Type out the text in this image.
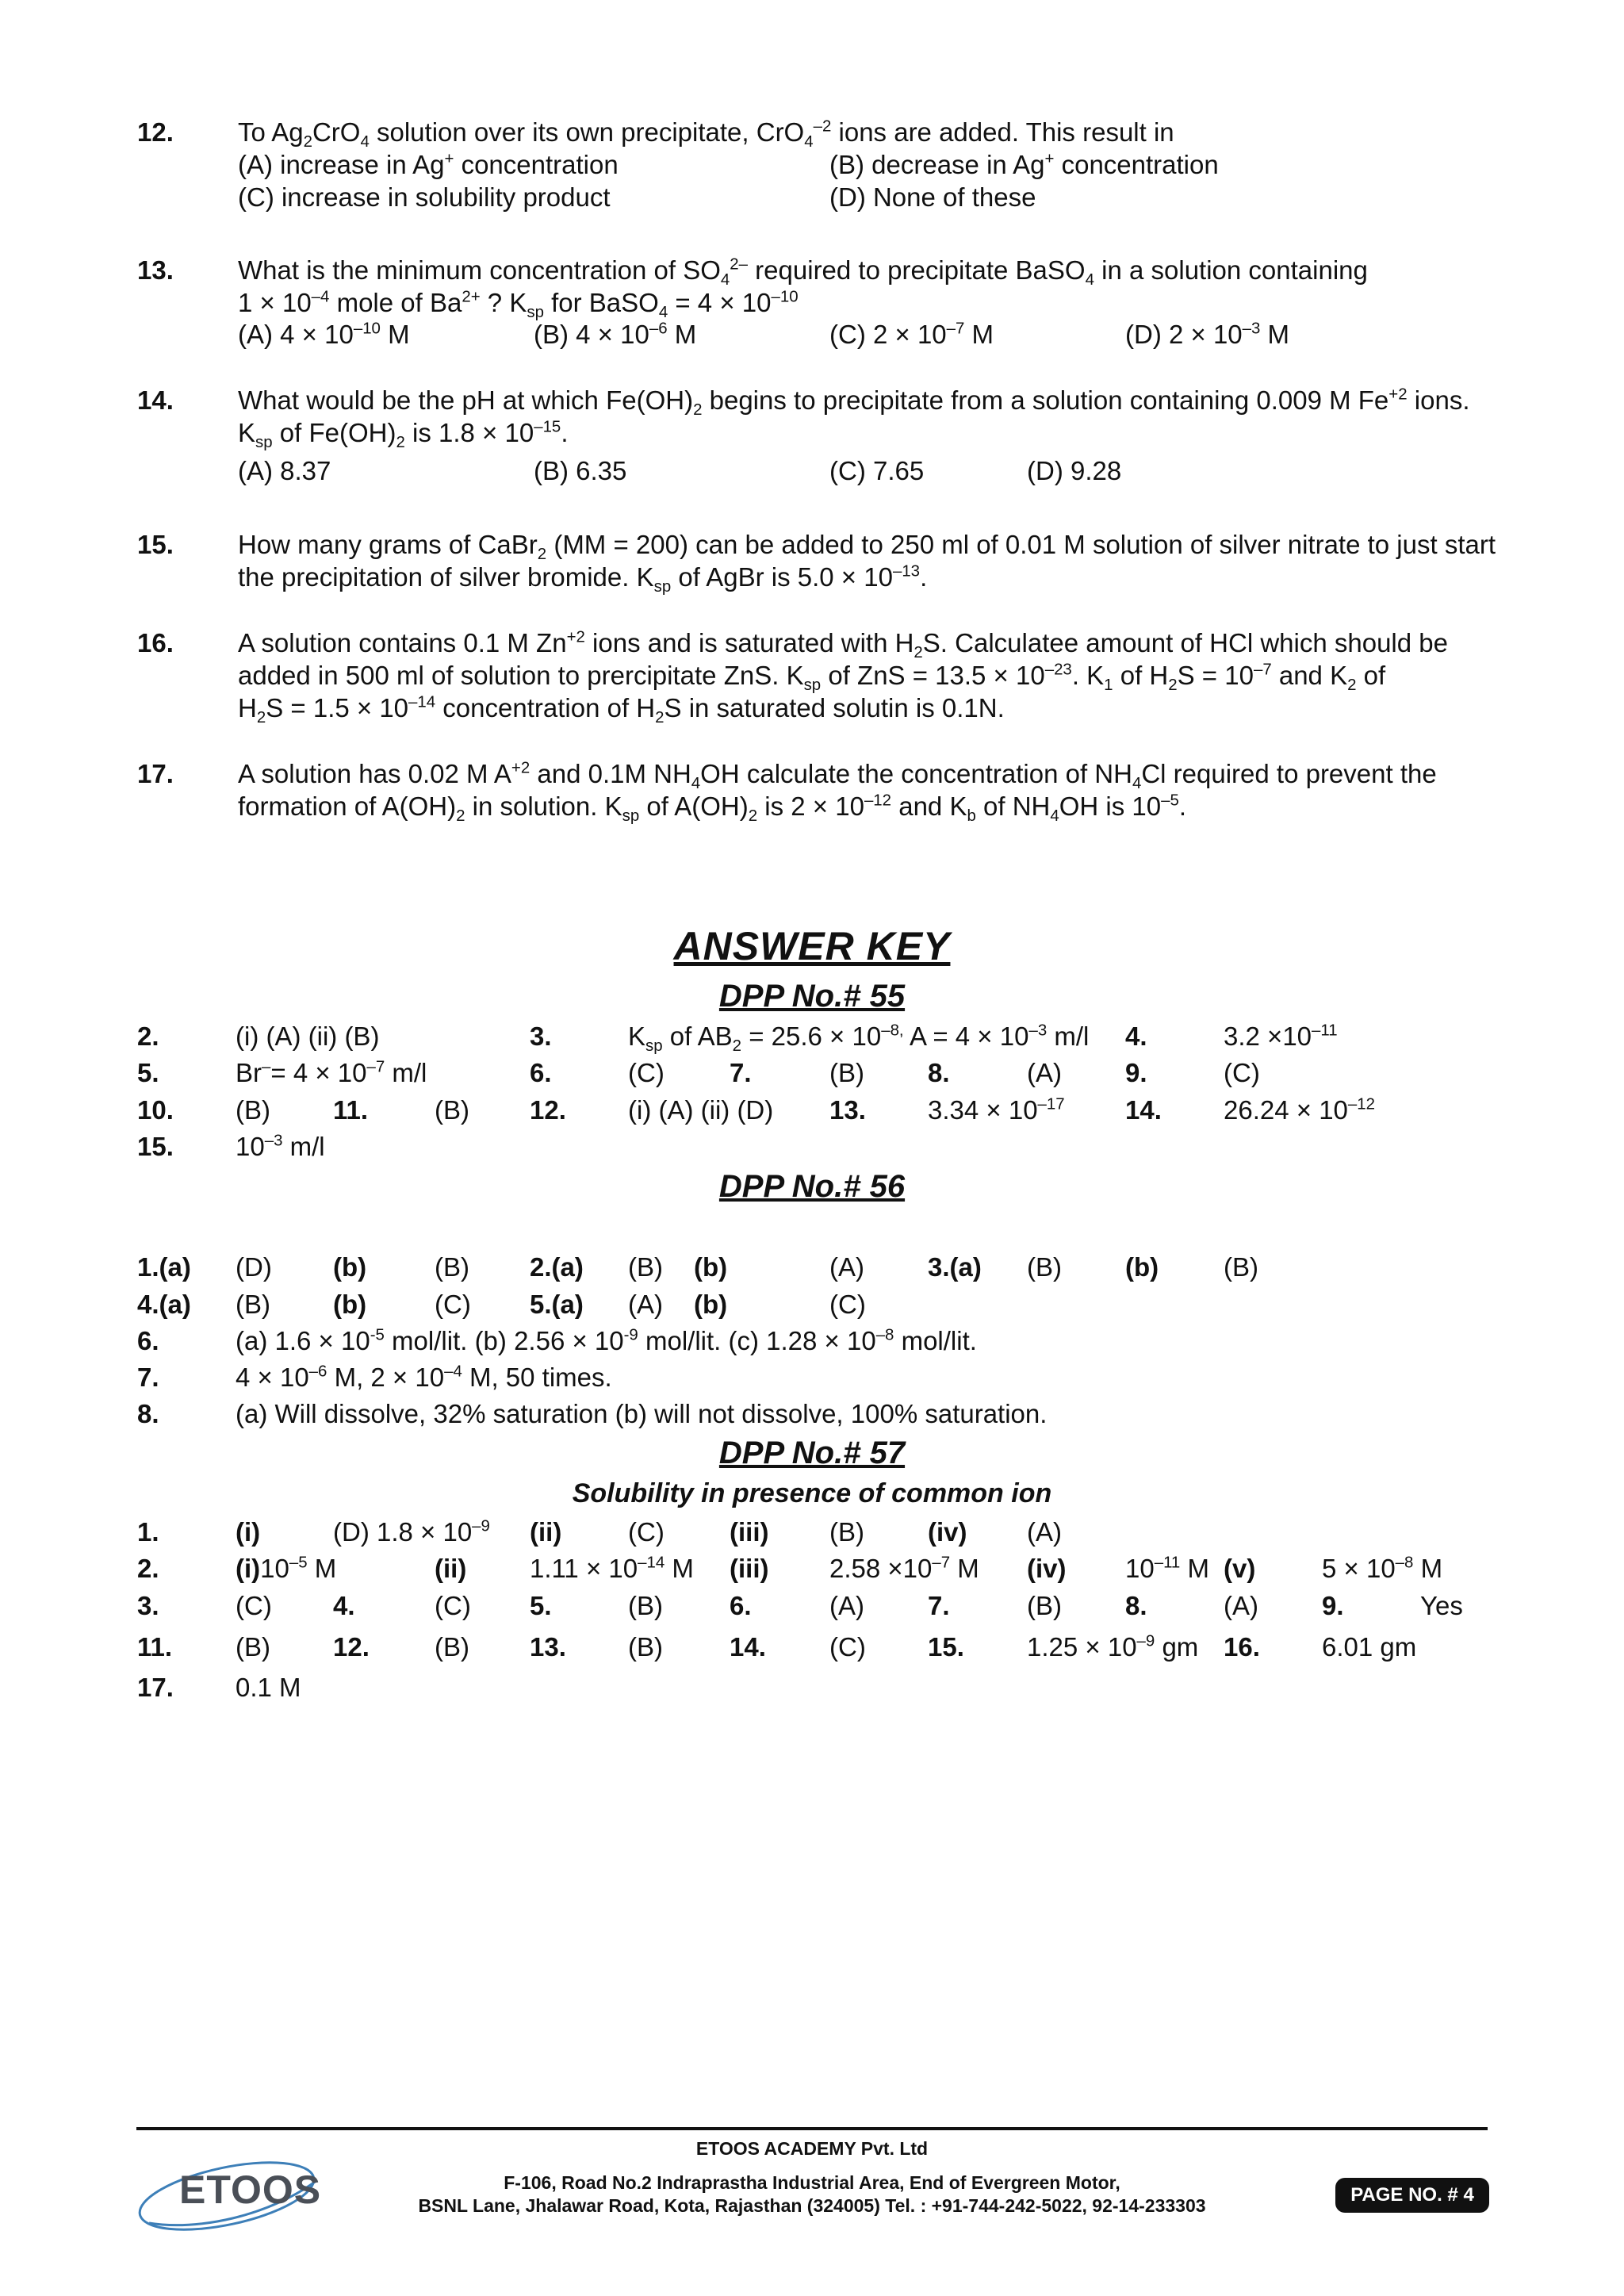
12. To $Ag_2CrO_4$ solution over its own precipitate, CrO$_4^{-2}$ ions are added. This result in
(A) increase in Ag+ concentration	(B) decrease in Ag+ concentration
(C) increase in solubility product	(D) None of these
13. What is the minimum concentration of $SO_4^{2-}$ required to precipitate BaSO$_4$ in a solution containing
$1 \times 10^{-4}$ mole of $Ba^{2+}$ ? $K_{sp}$ for BaSO$_4$ = $4 \times 10^{-10}$
(A) $4 \times 10^{-10}$ M	(B) $4 \times 10^{-6}$ M	(C) $2 \times 10^{-7}$ M	(D) $2 \times 10^{-3}$ M
14. What would be the pH at which $Fe(OH)_2$ begins to precipitate from a solution containing 0.009 M $Fe^{+2}$ ions.
$K_{sp}$ of $Fe(OH)_2$ is $1.8 \times 10^{-15}$.
(A) 8.37	(B) 6.35	(C) 7.65	(D) 9.28
15. How many grams of CaBr$_2$ (MM = 200) can be added to 250 ml of 0.01 M solution of silver nitrate to just start
the precipitation of silver bromide. $K_{sp}$ of AgBr is $5.0 \times 10^{-13}$.
16. A solution contains 0.1 M $Zn^{+2}$ ions and is saturated with $H_2S$. Calculatee amount of HCl which should be
added in 500 ml of solution to prercipitate ZnS. $K_{sp}$ of ZnS = $13.5 \times 10^{-23}$. $K_1$ of $H_2S = 10^{-7}$ and $K_2$ of
$H_2S = 1.5 \times 10^{-14}$ concentration of $H_2S$ in saturated solutin is 0.1N.
17. A solution has 0.02 M $A^{+2}$ and 0.1M $NH_4OH$ calculate the concentration of $NH_4Cl$ required to prevent the
formation of $A(OH)_2$ in solution. $K_{sp}$ of $A(OH)_2$ is $2 \times 10^{-12}$ and $K_b$ of $NH_4OH$ is $10^{-5}$.
ANSWER KEY
DPP No.# 55
2.	(i) (A) (ii) (B)	3.	$K_{sp}$ of $AB_2 = 25.6 \times 10^{-8,}$ $A = 4 \times 10^{-3}$ m/l 4.	$3.2 \times 10^{-11}$
5.	$Br^-= 4 \times 10^{-7}$ m/l	6.	(C) 7.	(B) 8.	(A) 9.	(C)
10. (B) 11.	(B) 12. (i) (A) (ii) (D) 13. $3.34 \times 10^{-17}$ 14. $26.24 \times 10^{-12}$
15. $10^{-3}$ m/l
DPP No.# 56
1.(a) (D) (b)	(B) 2.(a) (B) (b)	(A) 3.(a) (B) (b) (B)
4.(a) (B) (b)	(C) 5.(a) (A) (b)	(C)
6.	(a) $1.6 \times 10^{-5}$ mol/lit. (b) $2.56 \times 10^{-9}$ mol/lit. (c) $1.28 \times 10^{-8}$ mol/lit.
7.	$4 \times 10^{-6}$ M, $2 \times 10^{-4}$ M, 50 times.
8.	(a) Will dissolve, 32% saturation (b) will not dissolve, 100% saturation.
DPP No.# 57
Solubility in presence of common ion
1.	(i)	(D) $1.8 \times 10^{-9}$ (ii)	(C) (iii) (B) (iv) (A)
2.	$(i)10^{-5}$ M	(ii) $1.11 \times 10^{-14}$ M (iii) $2.58 \times 10^{-7}$ M (iv) $10^{-11}$ M (v)	$5 \times 10^{-8}$ M
3.	(C) 4.	(C) 5.	(B)	6.	(A) 7.	(B) 8.	(A) 9.	Yes
11. (B) 12. (B) 13. (B)	14. (C) 15. $1.25 \times 10^{-9}$ gm 16. 6.01 gm
17. 0.1 M
ETOOS
ETOOS ACADEMY Pvt. Ltd
F-106, Road No.2 Indraprastha Industrial Area, End of Evergreen Motor,
BSNL Lane, Jhalawar Road, Kota, Rajasthan (324005) Tel. : +91-744-242-5022, 92-14-233303	PAGE NO. # 4
